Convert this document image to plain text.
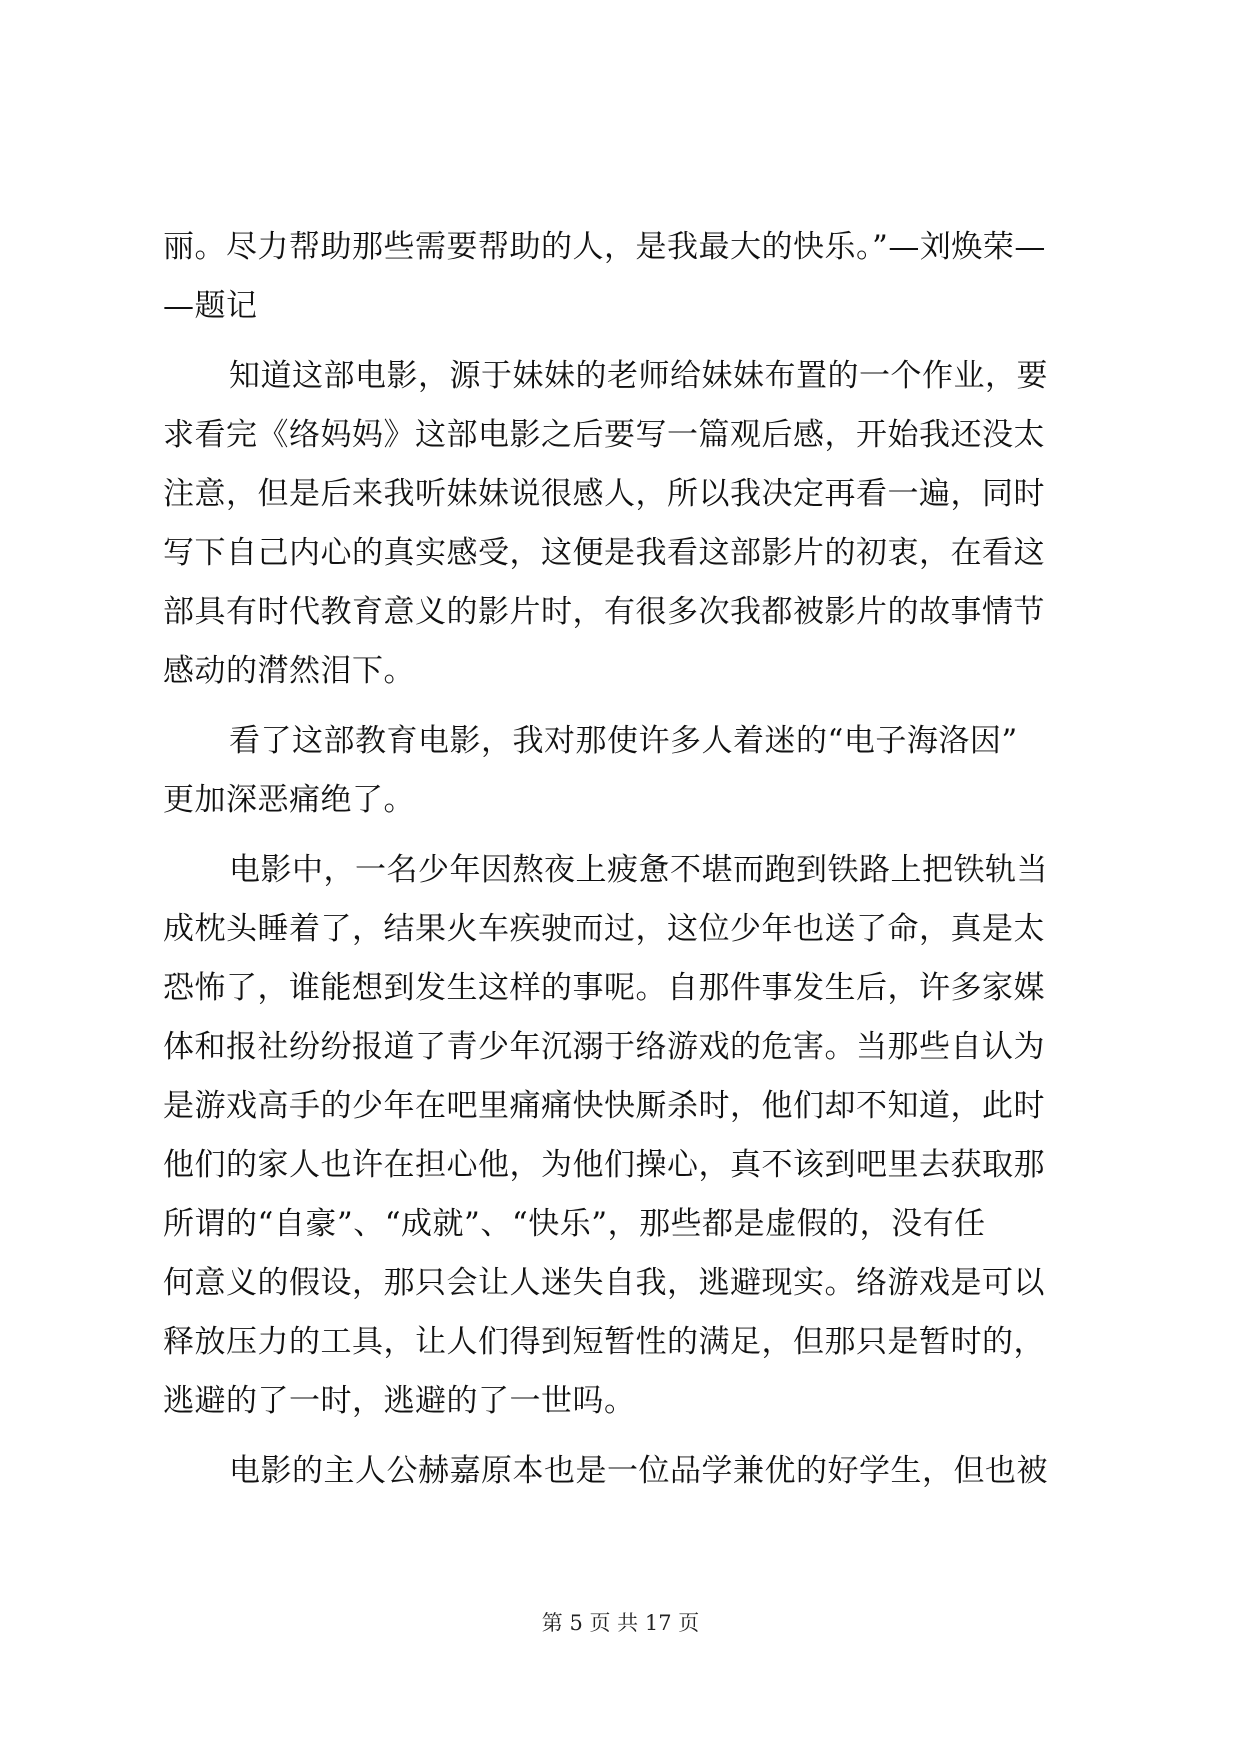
丽。尽力帮助那些需要帮助的人，是我最大的快乐。”—刘焕荣—
—题记
知道这部电影，源于妹妹的老师给妹妹布置的一个作业，要
求看完《络妈妈》这部电影之后要写一篇观后感，开始我还没太
注意，但是后来我听妹妹说很感人，所以我决定再看一遍，同时
写下自己内心的真实感受，这便是我看这部影片的初衷，在看这
部具有时代教育意义的影片时，有很多次我都被影片的故事情节
感动的潸然泪下。
看了这部教育电影，我对那使许多人着迷的“电子海洛因”
更加深恶痛绝了。
电影中，一名少年因熬夜上疲惫不堪而跑到铁路上把铁轨当
成枕头睡着了，结果火车疾驶而过，这位少年也送了命，真是太
恐怖了，谁能想到发生这样的事呢。自那件事发生后，许多家媒
体和报社纷纷报道了青少年沉溺于络游戏的危害。当那些自认为
是游戏高手的少年在吧里痛痛快快厮杀时，他们却不知道，此时
他们的家人也许在担心他，为他们操心，真不该到吧里去获取那
所谓的“自豪”、“成就”、“快乐”，那些都是虚假的，没有任
何意义的假设，那只会让人迷失自我，逃避现实。络游戏是可以
释放压力的工具，让人们得到短暂性的满足，但那只是暂时的，
逃避的了一时，逃避的了一世吗。
电影的主人公赫嘉原本也是一位品学兼优的好学生，但也被
第 5 页 共 17 页
